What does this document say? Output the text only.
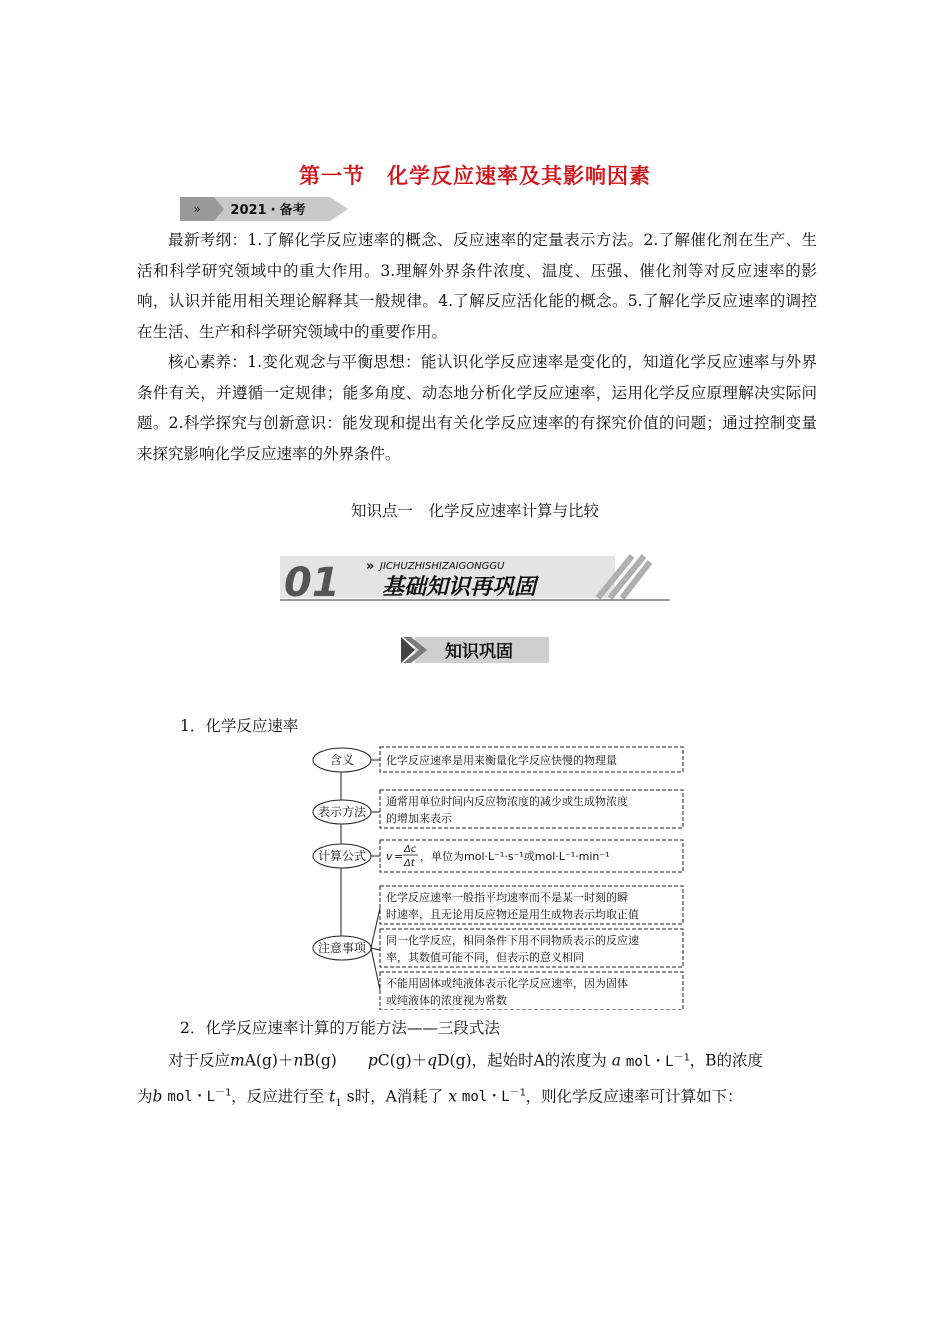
第一节　化学反应速率及其影响因素
» 2021・备考

最新考纲：1.了解化学反应速率的概念、反应速率的定量表示方法。2.了解催化剂在生产、生活和科学研究领域中的重大作用。3.理解外界条件浓度、温度、压强、催化剂等对反应速率的影响，认识并能用相关理论解释其一般规律。4.了解反应活化能的概念。5.了解化学反应速率的调控在生活、生产和科学研究领域中的重要作用。

核心素养：1.变化观念与平衡思想：能认识化学反应速率是变化的，知道化学反应速率与外界条件有关，并遵循一定规律；能多角度、动态地分析化学反应速率，运用化学反应原理解决实际问题。2.科学探究与创新意识：能发现和提出有关化学反应速率的有探究价值的问题；通过控制变量来探究影响化学反应速率的外界条件。

知识点一　化学反应速率计算与比较
01 » JICHUZHISHIZAIGONGGU
基础知识再巩固
知识巩固
1．化学反应速率
含义
表示方法
计算公式
注意事项
化学反应速率是用来衡量化学反应快慢的物理量
通常用单位时间内反应物浓度的减少或生成物浓度
的增加来表示
v =
Δc
Δt
，单位为mol·L⁻¹·s⁻¹或mol·L⁻¹·min⁻¹
化学反应速率一般指平均速率而不是某一时刻的瞬
时速率，且无论用反应物还是用生成物表示均取正值
同一化学反应，相同条件下用不同物质表示的反应速
率，其数值可能不同，但表示的意义相同
不能用固体或纯液体表示化学反应速率，因为固体
或纯液体的浓度视为常数
2．化学反应速率计算的万能方法——三段式法

对于反应mA(g)＋nB(g)　　pC(g)＋qD(g)，起始时A的浓度为 a mol・$L^{-1}$，B的浓度

为b mol・$L^{-1}$，反应进行至 $t_1$ s时，A消耗了 x mol・$L^{-1}$，则化学反应速率可计算如下：
